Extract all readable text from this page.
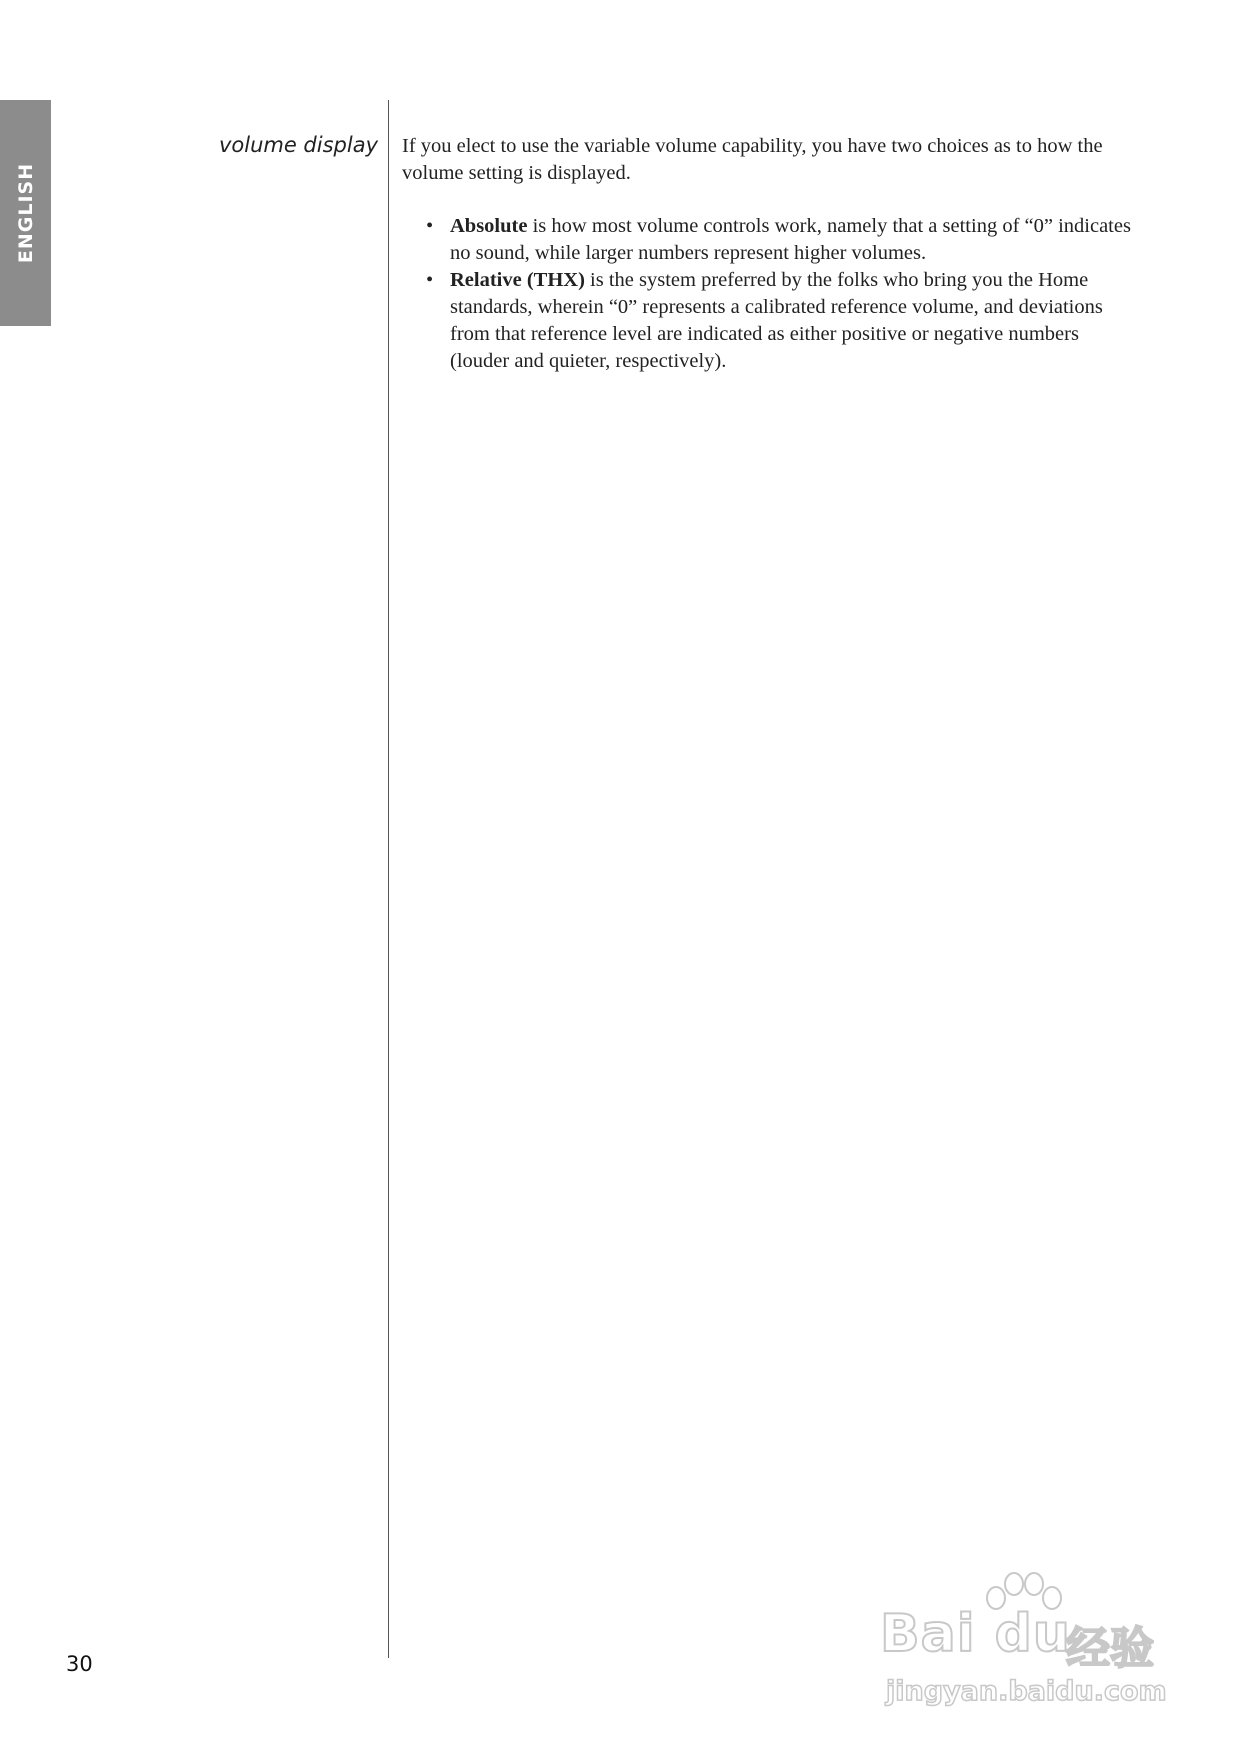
ENGLISH
volume display If you elect to use the variable volume capability, you have two choices as to how the volume setting is displayed.

• Absolute is how most volume controls work, namely that a setting of “0” indicates no sound, while larger numbers represent higher volumes.
• Relative (THX) is the system preferred by the folks who bring you the Home standards, wherein “0” represents a calibrated reference volume, and deviations from that reference level are indicated as either positive or negative numbers (louder and quieter, respectively).
30	Bai du
经验
jingyan.baidu.com
